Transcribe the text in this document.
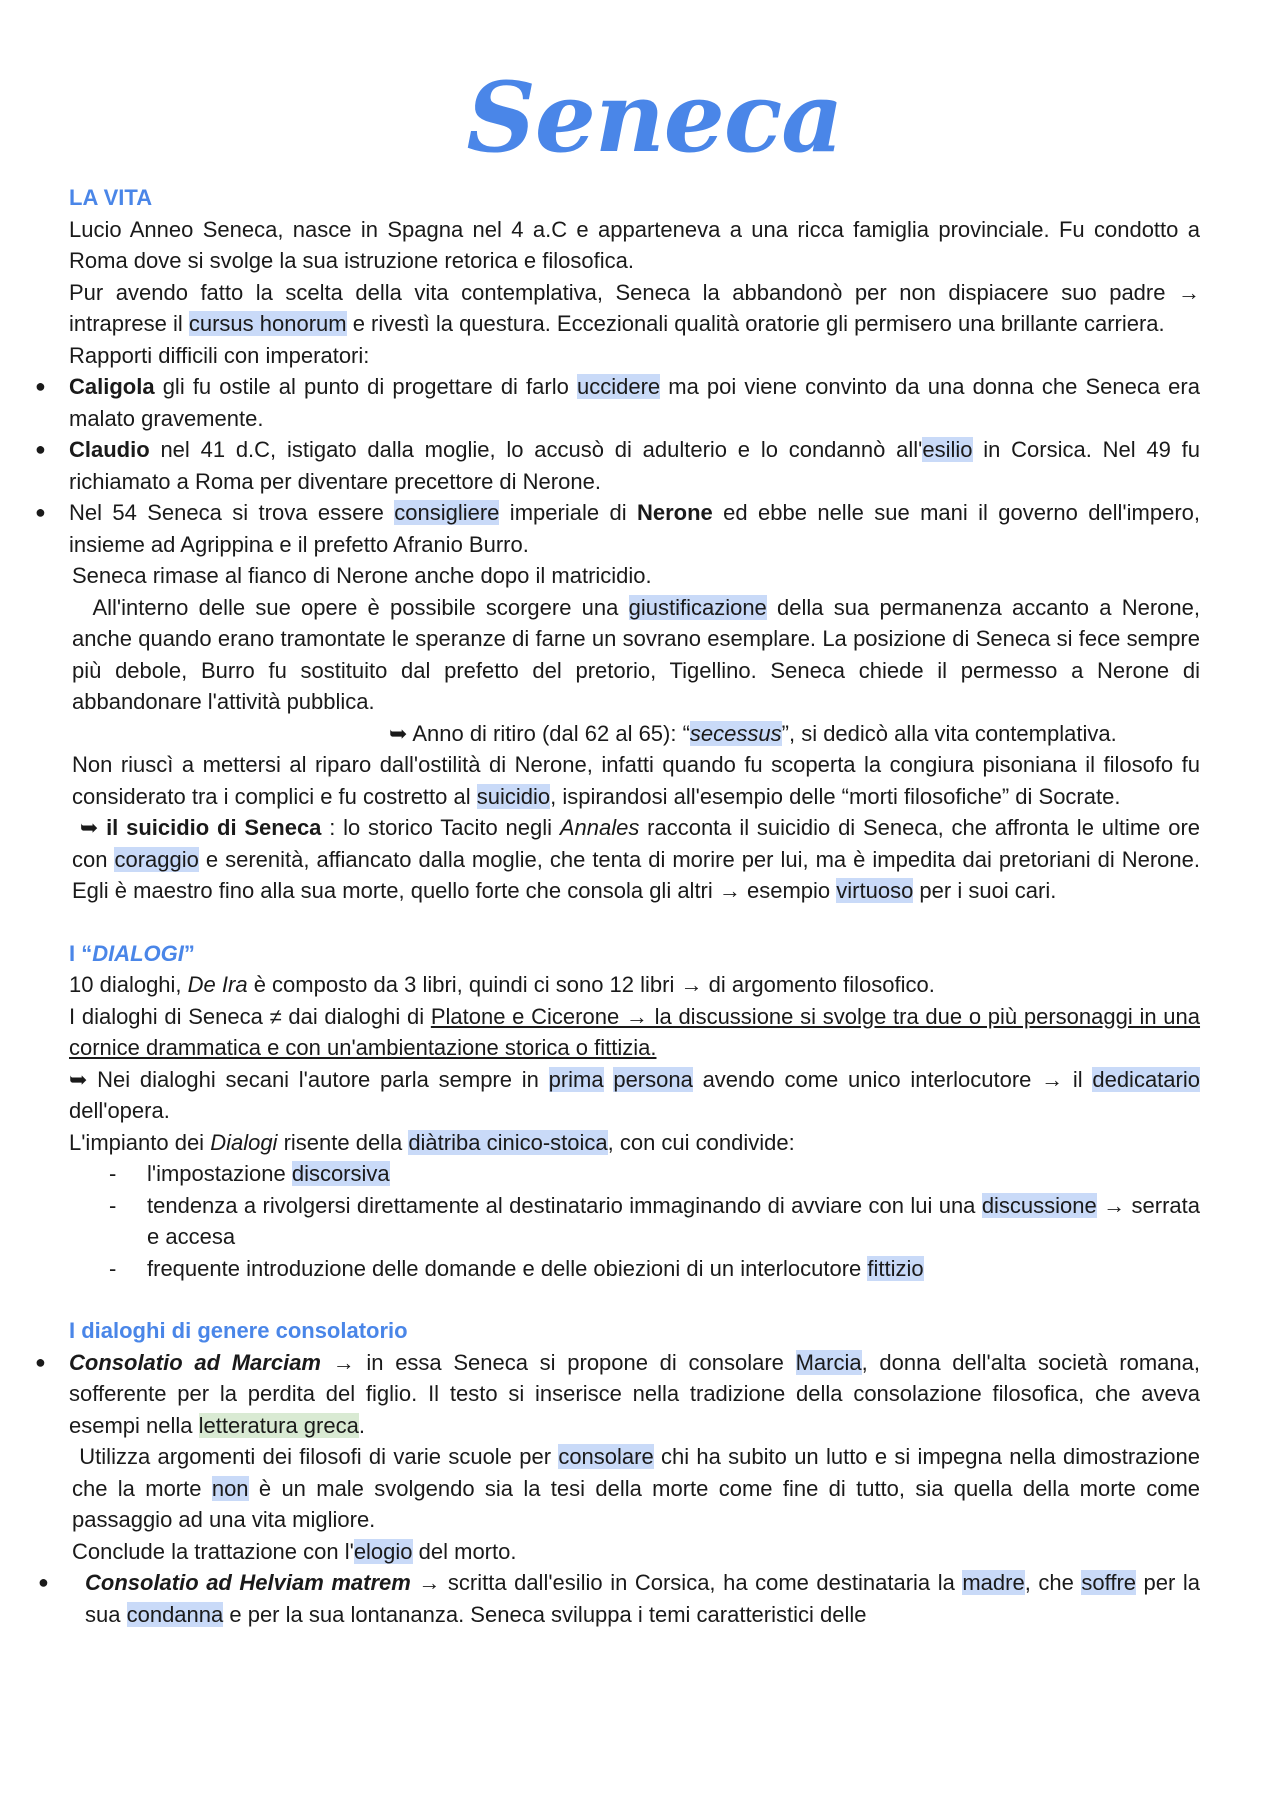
Seneca
LA VITA

Lucio Anneo Seneca, nasce in Spagna nel 4 a.C e apparteneva a una ricca famiglia provinciale. Fu condotto a Roma dove si svolge la sua istruzione retorica e filosofica.

Pur avendo fatto la scelta della vita contemplativa, Seneca la abbandonò per non dispiacere suo padre → intraprese il cursus honorum e rivestì la questura. Eccezionali qualità oratorie gli permisero una brillante carriera.

Rapporti difficili con imperatori:

● Caligola gli fu ostile al punto di progettare di farlo uccidere ma poi viene convinto da una donna che Seneca era malato gravemente.
● Claudio nel 41 d.C, istigato dalla moglie, lo accusò di adulterio e lo condannò all'esilio in Corsica. Nel 49 fu richiamato a Roma per diventare precettore di Nerone.
● Nel 54 Seneca si trova essere consigliere imperiale di Nerone ed ebbe nelle sue mani il governo dell'impero, insieme ad Agrippina e il prefetto Afranio Burro.

Seneca rimase al fianco di Nerone anche dopo il matricidio.

All'interno delle sue opere è possibile scorgere una giustificazione della sua permanenza accanto a Nerone, anche quando erano tramontate le speranze di farne un sovrano esemplare. La posizione di Seneca si fece sempre più debole, Burro fu sostituito dal prefetto del pretorio, Tigellino. Seneca chiede il permesso a Nerone di abbandonare l'attività pubblica.

➥ Anno di ritiro (dal 62 al 65): “secessus”, si dedicò alla vita contemplativa.

Non riuscì a mettersi al riparo dall'ostilità di Nerone, infatti quando fu scoperta la congiura pisoniana il filosofo fu considerato tra i complici e fu costretto al suicidio, ispirandosi all'esempio delle “morti filosofiche” di Socrate.

➥ il suicidio di Seneca : lo storico Tacito negli Annales racconta il suicidio di Seneca, che affronta le ultime ore con coraggio e serenità, affiancato dalla moglie, che tenta di morire per lui, ma è impedita dai pretoriani di Nerone. Egli è maestro fino alla sua morte, quello forte che consola gli altri → esempio virtuoso per i suoi cari.

I “DIALOGI”

10 dialoghi, De Ira è composto da 3 libri, quindi ci sono 12 libri → di argomento filosofico.

I dialoghi di Seneca ≠ dai dialoghi di Platone e Cicerone → la discussione si svolge tra due o più personaggi in una cornice drammatica e con un'ambientazione storica o fittizia.

➥ Nei dialoghi secani l'autore parla sempre in prima persona avendo come unico interlocutore → il dedicatario dell'opera.

L'impianto dei Dialogi risente della diàtriba cinico-stoica, con cui condivide:

- l'impostazione discorsiva
- tendenza a rivolgersi direttamente al destinatario immaginando di avviare con lui una discussione → serrata e accesa
- frequente introduzione delle domande e delle obiezioni di un interlocutore fittizio
I dialoghi di genere consolatorio
● Consolatio ad Marciam → in essa Seneca si propone di consolare Marcia, donna dell'alta società romana, sofferente per la perdita del figlio. Il testo si inserisce nella tradizione della consolazione filosofica, che aveva esempi nella letteratura greca.

Utilizza argomenti dei filosofi di varie scuole per consolare chi ha subito un lutto e si impegna nella dimostrazione che la morte non è un male svolgendo sia la tesi della morte come fine di tutto, sia quella della morte come passaggio ad una vita migliore.

Conclude la trattazione con l'elogio del morto.

● Consolatio ad Helviam matrem → scritta dall'esilio in Corsica, ha come destinataria la madre, che soffre per la sua condanna e per la sua lontananza. Seneca sviluppa i temi caratteristici delle
